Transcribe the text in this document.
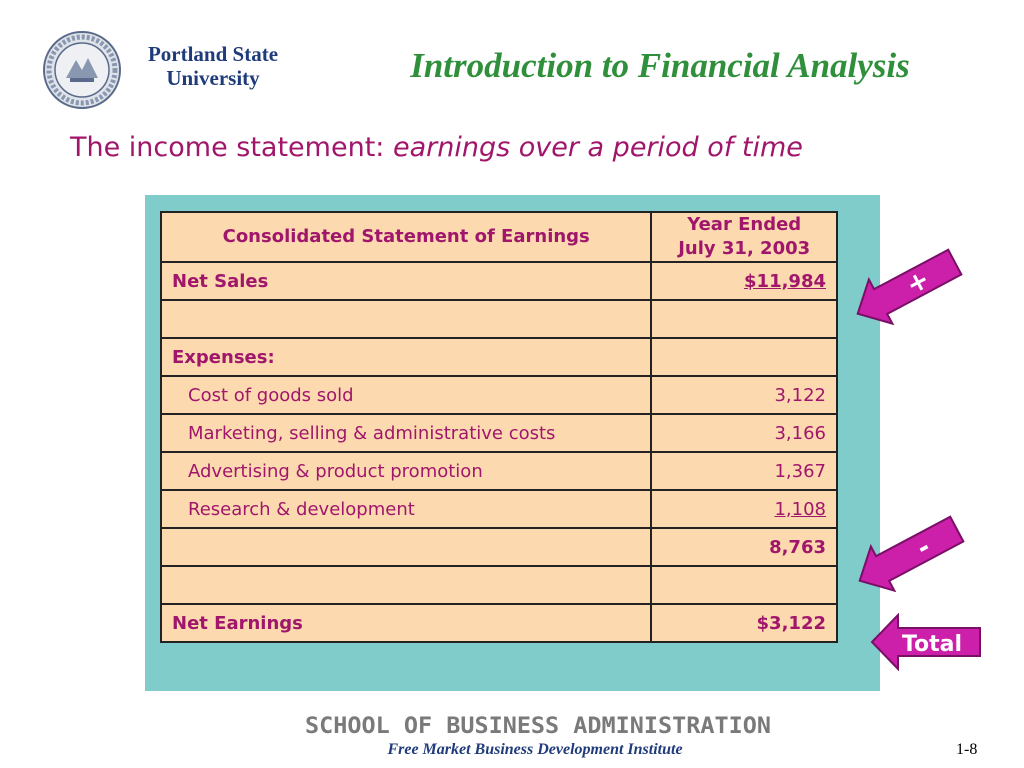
Portland State University	Introduction to Financial Analysis
The income statement: earnings over a period of time
Consolidated Statement of Earnings	Year Ended
July 31, 2003
Net Sales	$11,984

Expenses:	
Cost of goods sold	3,122
Marketing, selling & administrative costs	3,166
Advertising & product promotion	1,367
Research & development	1,108
	8,763

Net Earnings	$3,122
+
-
Total
SCHOOL OF BUSINESS ADMINISTRATION
Free Market Business Development Institute	1-8
